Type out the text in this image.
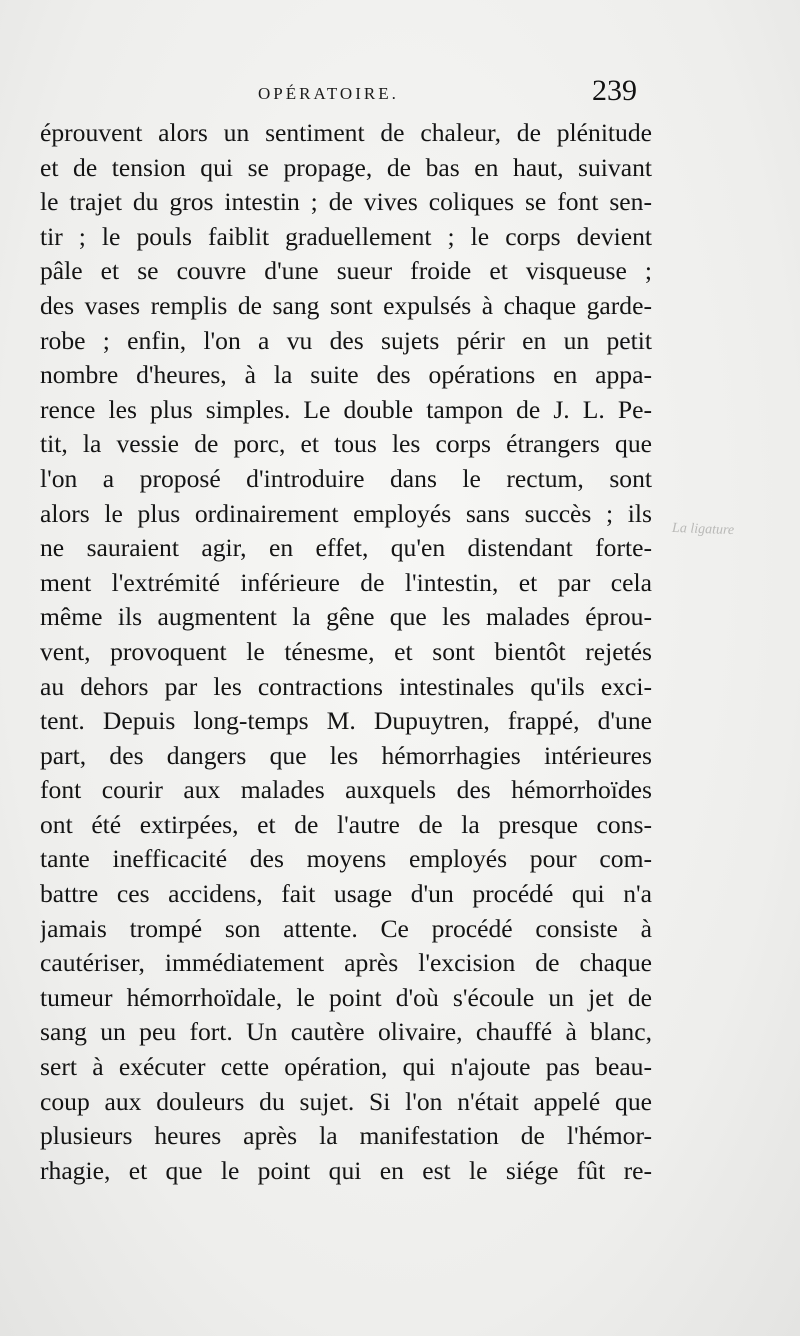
OPÉRATOIRE.	239
éprouvent alors un sentiment de chaleur, de plénitude
et de tension qui se propage, de bas en haut, suivant
le trajet du gros intestin ; de vives coliques se font sen-
tir ; le pouls faiblit graduellement ; le corps devient
pâle et se couvre d'une sueur froide et visqueuse ;
des vases remplis de sang sont expulsés à chaque garde-
robe ; enfin, l'on a vu des sujets périr en un petit
nombre d'heures, à la suite des opérations en appa-
rence les plus simples. Le double tampon de J. L. Pe-
tit, la vessie de porc, et tous les corps étrangers que
l'on a proposé d'introduire dans le rectum, sont
alors le plus ordinairement employés sans succès ; ils
ne sauraient agir, en effet, qu'en distendant forte-
ment l'extrémité inférieure de l'intestin, et par cela
même ils augmentent la gêne que les malades éprou-
vent, provoquent le ténesme, et sont bientôt rejetés
au dehors par les contractions intestinales qu'ils exci-
tent. Depuis long-temps M. Dupuytren, frappé, d'une
part, des dangers que les hémorrhagies intérieures
font courir aux malades auxquels des hémorrhoïdes
ont été extirpées, et de l'autre de la presque cons-
tante inefficacité des moyens employés pour com-
battre ces accidens, fait usage d'un procédé qui n'a
jamais trompé son attente. Ce procédé consiste à
cautériser, immédiatement après l'excision de chaque
tumeur hémorrhoïdale, le point d'où s'écoule un jet de
sang un peu fort. Un cautère olivaire, chauffé à blanc,
sert à exécuter cette opération, qui n'ajoute pas beau-
coup aux douleurs du sujet. Si l'on n'était appelé que
plusieurs heures après la manifestation de l'hémor-
rhagie, et que le point qui en est le siége fût re-
La ligature
